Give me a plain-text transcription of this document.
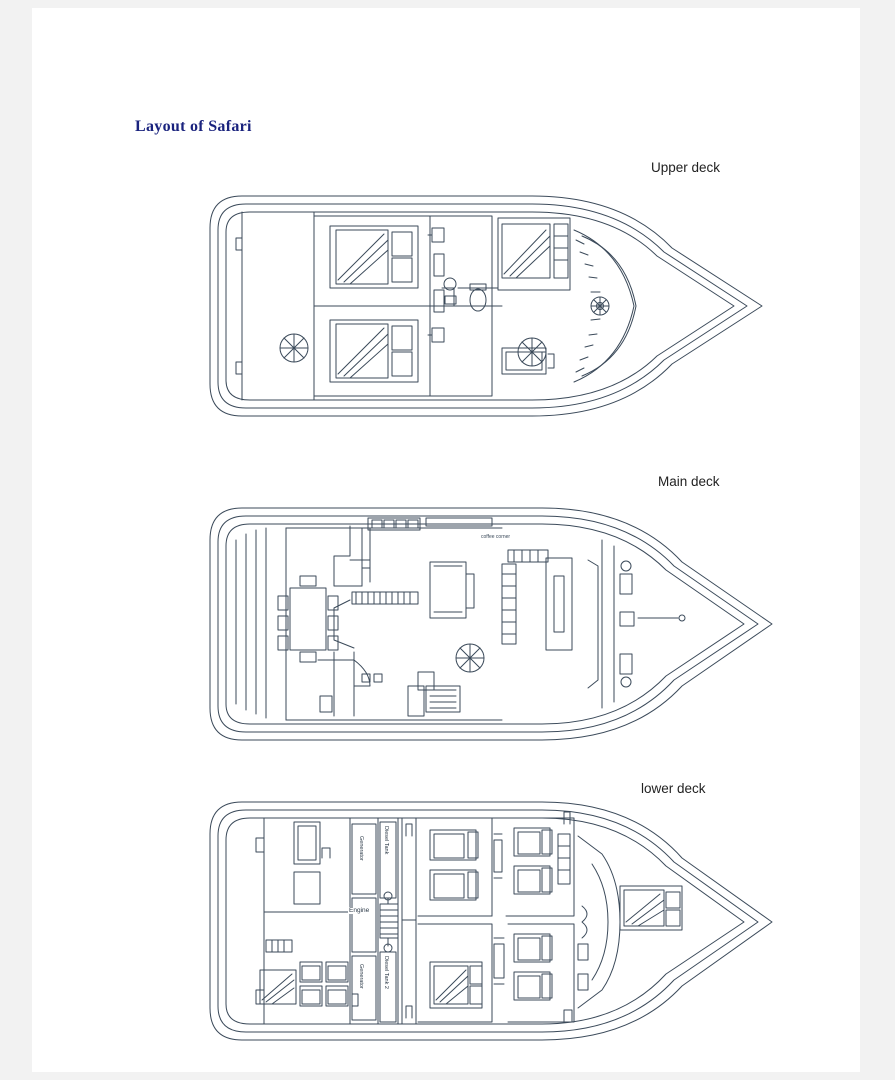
Layout of Safari
Upper deck
Main deck
lower deck
coffee corner
Engine
Diesel Tank
Diesel Tank 2
Generator
Generator
